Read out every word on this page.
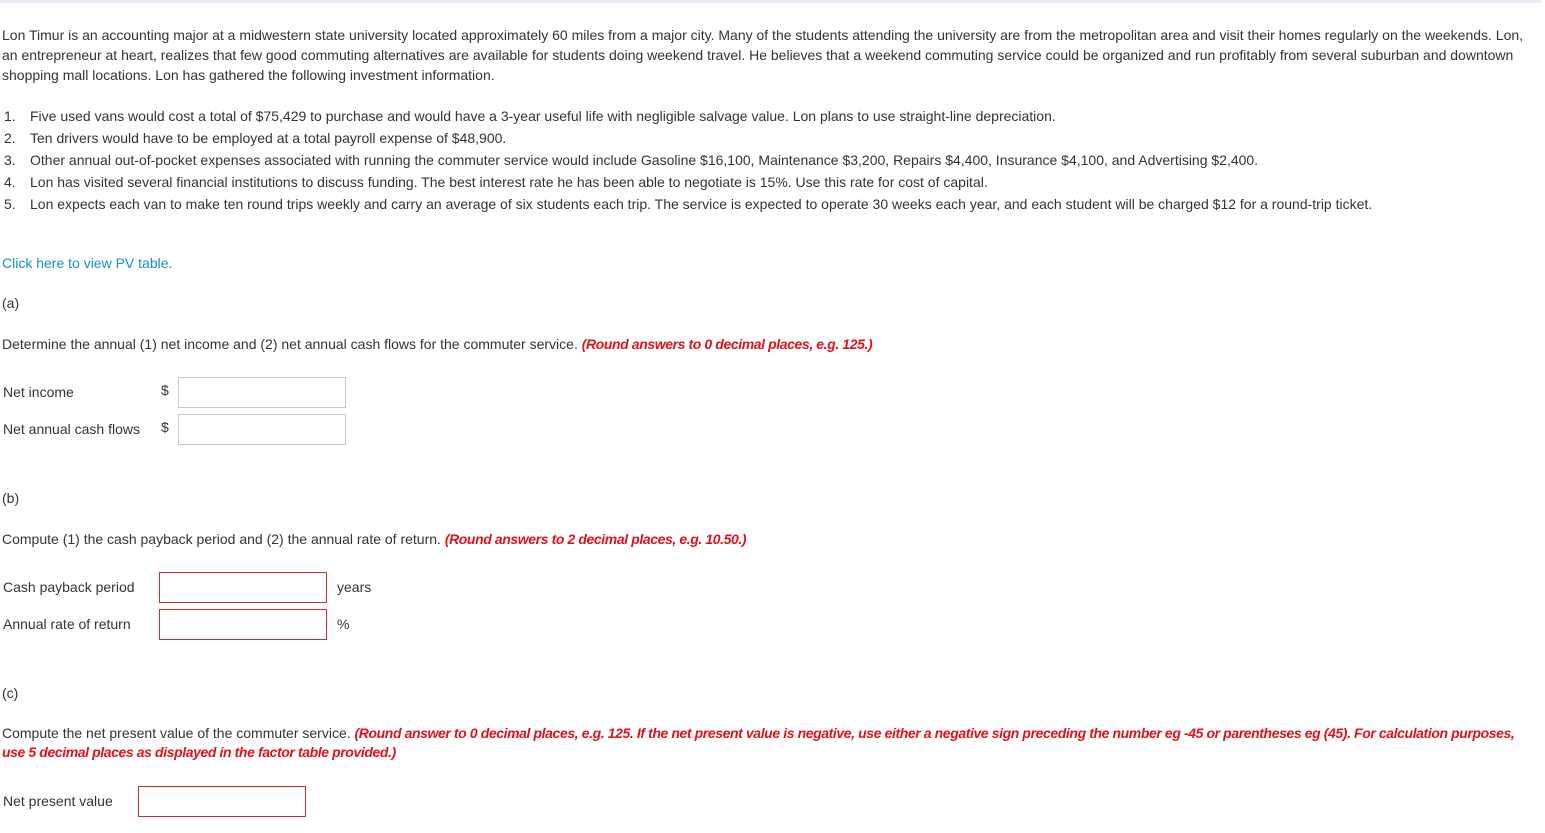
Lon Timur is an accounting major at a midwestern state university located approximately 60 miles from a major city. Many of the students attending the university are from the metropolitan area and visit their homes regularly on the weekends. Lon, an entrepreneur at heart, realizes that few good commuting alternatives are available for students doing weekend travel. He believes that a weekend commuting service could be organized and run profitably from several suburban and downtown shopping mall locations. Lon has gathered the following investment information.

1. Five used vans would cost a total of $75,429 to purchase and would have a 3-year useful life with negligible salvage value. Lon plans to use straight-line depreciation.
2. Ten drivers would have to be employed at a total payroll expense of $48,900.
3. Other annual out-of-pocket expenses associated with running the commuter service would include Gasoline $16,100, Maintenance $3,200, Repairs $4,400, Insurance $4,100, and Advertising $2,400.
4. Lon has visited several financial institutions to discuss funding. The best interest rate he has been able to negotiate is 15%. Use this rate for cost of capital.
5. Lon expects each van to make ten round trips weekly and carry an average of six students each trip. The service is expected to operate 30 weeks each year, and each student will be charged $12 for a round-trip ticket.
Click here to view PV table.
(a)

Determine the annual (1) net income and (2) net annual cash flows for the commuter service. (Round answers to 0 decimal places, e.g. 125.)

Net income	$
Net annual cash flows $
(b)

Compute (1) the cash payback period and (2) the annual rate of return. (Round answers to 2 decimal places, e.g. 10.50.)

Cash payback period	years
Annual rate of return	%
(c)

Compute the net present value of the commuter service. (Round answer to 0 decimal places, e.g. 125. If the net present value is negative, use either a negative sign preceding the number eg -45 or parentheses eg (45). For calculation purposes, use 5 decimal places as displayed in the factor table provided.)

Net present value
